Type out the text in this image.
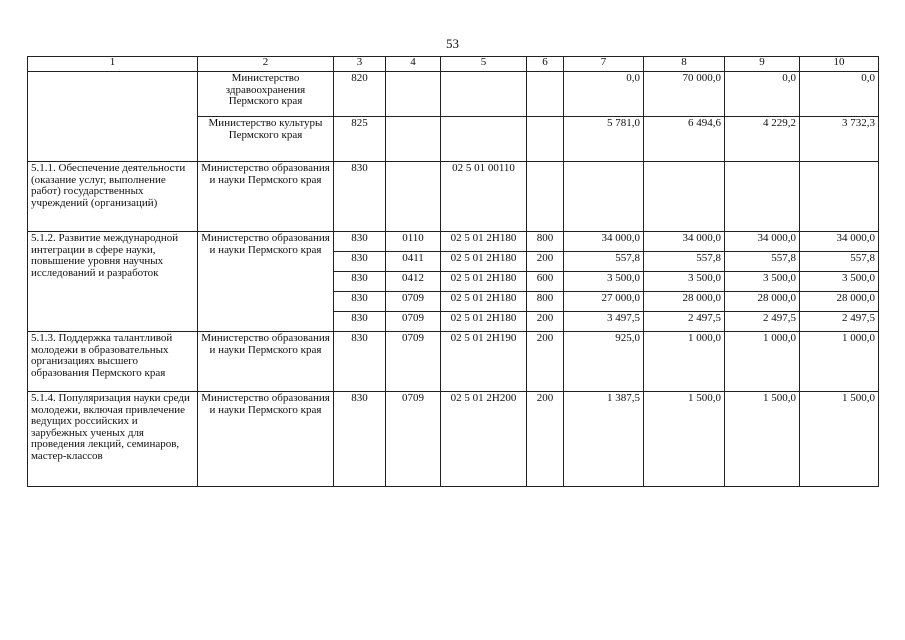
53
1	2	3	4	5	6	7	8	9	10
	Министерство здравоохранения Пермского края	820				0,0	70 000,0	0,0	0,0
	Министерство культуры Пермского края	825				5 781,0	6 494,6	4 229,2	3 732,3
5.1.1. Обеспечение деятельности (оказание услуг, выполнение работ) государственных учреждений (организаций)	Министерство образования и науки Пермского края	830		02 5 01 00110					
5.1.2. Развитие международной интеграции в сфере науки, повышение уровня научных исследований и разработок	Министерство образования и науки Пермского края	830	0110	02 5 01 2Н180	800	34 000,0	34 000,0	34 000,0	34 000,0
		830	0411	02 5 01 2Н180	200	557,8	557,8	557,8	557,8
		830	0412	02 5 01 2Н180	600	3 500,0	3 500,0	3 500,0	3 500,0
		830	0709	02 5 01 2Н180	800	27 000,0	28 000,0	28 000,0	28 000,0
		830	0709	02 5 01 2Н180	200	3 497,5	2 497,5	2 497,5	2 497,5
5.1.3. Поддержка талантливой молодежи в образовательных организациях высшего образования Пермского края	Министерство образования и науки Пермского края	830	0709	02 5 01 2Н190	200	925,0	1 000,0	1 000,0	1 000,0
5.1.4. Популяризация науки среди молодежи, включая привлечение ведущих российских и зарубежных ученых для проведения лекций, семинаров, мастер-классов	Министерство образования и науки Пермского края	830	0709	02 5 01 2Н200	200	1 387,5	1 500,0	1 500,0	1 500,0
